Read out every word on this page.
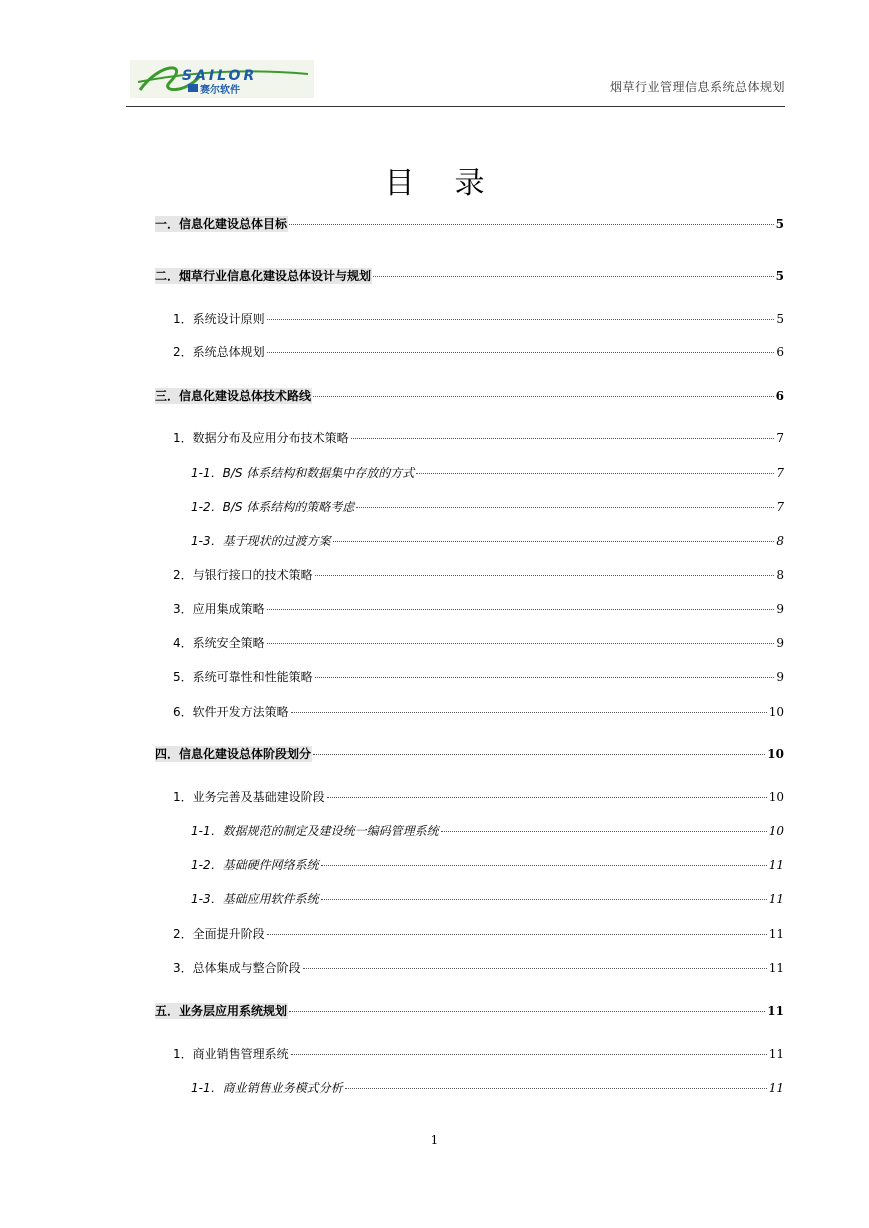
SAILOR
赛尔软件	烟草行业管理信息系统总体规划
目录
一．信息化建设总体目标	5
二．烟草行业信息化建设总体设计与规划	5
1．系统设计原则	5
2．系统总体规划	6
三．信息化建设总体技术路线	6
1．数据分布及应用分布技术策略	7
1-1．B/S 体系结构和数据集中存放的方式	7
1-2．B/S 体系结构的策略考虑	7
1-3．基于现状的过渡方案	8
2．与银行接口的技术策略	8
3．应用集成策略	9
4．系统安全策略	9
5．系统可靠性和性能策略	9
6．软件开发方法策略	10
四．信息化建设总体阶段划分	10
1．业务完善及基础建设阶段	10
1-1．数据规范的制定及建设统一编码管理系统	10
1-2．基础硬件网络系统	11
1-3．基础应用软件系统	11
2．全面提升阶段	11
3．总体集成与整合阶段	11
五．业务层应用系统规划	11
1．商业销售管理系统	11
1-1．商业销售业务模式分析	11
1
